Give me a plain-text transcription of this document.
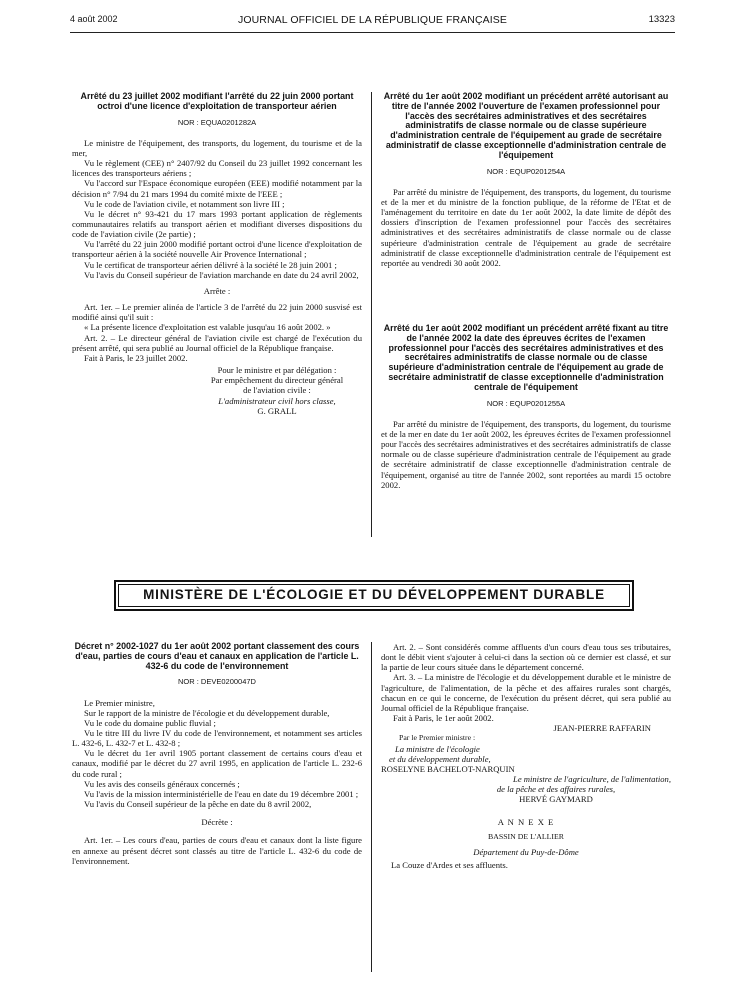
4 août 2002	JOURNAL OFFICIEL DE LA RÉPUBLIQUE FRANÇAISE	13323

Arrêté du 23 juillet 2002 modifiant l'arrêté du 22 juin 2000 portant octroi d'une licence d'exploitation de transporteur aérien

NOR : EQUA0201282A

Le ministre de l'équipement, des transports, du logement, du tourisme et de la mer,

Vu le règlement (CEE) n° 2407/92 du Conseil du 23 juillet 1992 concernant les licences des transporteurs aériens ;

Vu l'accord sur l'Espace économique européen (EEE) modifié notamment par la décision n° 7/94 du 21 mars 1994 du comité mixte de l'EEE ;

Vu le code de l'aviation civile, et notamment son livre III ;

Vu le décret n° 93-421 du 17 mars 1993 portant application de règlements communautaires relatifs au transport aérien et modifiant diverses dispositions du code de l'aviation civile (2e partie) ;

Vu l'arrêté du 22 juin 2000 modifié portant octroi d'une licence d'exploitation de transporteur aérien à la société nouvelle Air Provence International ;

Vu le certificat de transporteur aérien délivré à la société le 28 juin 2001 ;

Vu l'avis du Conseil supérieur de l'aviation marchande en date du 24 avril 2002,

Arrête :

Art. 1er. – Le premier alinéa de l'article 3 de l'arrêté du 22 juin 2000 susvisé est modifié ainsi qu'il suit :

« La présente licence d'exploitation est valable jusqu'au 16 août 2002. »

Art. 2. – Le directeur général de l'aviation civile est chargé de l'exécution du présent arrêté, qui sera publié au Journal officiel de la République française.

Fait à Paris, le 23 juillet 2002.

Pour le ministre et par délégation :

Par empêchement du directeur général

de l'aviation civile :

L'administrateur civil hors classe,

G. GRALL

Arrêté du 1er août 2002 modifiant un précédent arrêté autorisant au titre de l'année 2002 l'ouverture de l'examen professionnel pour l'accès des secrétaires administratives et des secrétaires administratifs de classe normale ou de classe supérieure d'administration centrale de l'équipement au grade de secrétaire administratif de classe exceptionnelle d'administration centrale de l'équipement

NOR : EQUP0201254A

Par arrêté du ministre de l'équipement, des transports, du logement, du tourisme et de la mer et du ministre de la fonction publique, de la réforme de l'Etat et de l'aménagement du territoire en date du 1er août 2002, la date limite de dépôt des dossiers d'inscription de l'examen professionnel pour l'accès des secrétaires administratives et des secrétaires administratifs de classe normale ou de classe supérieure d'administration centrale de l'équipement au grade de secrétaire administratif de classe exceptionnelle d'administration centrale de l'équipement est reportée au vendredi 30 août 2002.

Arrêté du 1er août 2002 modifiant un précédent arrêté fixant au titre de l'année 2002 la date des épreuves écrites de l'examen professionnel pour l'accès des secrétaires administratives et des secrétaires administratifs de classe normale ou de classe supérieure d'administration centrale de l'équipement au grade de secrétaire administratif de classe exceptionnelle d'administration centrale de l'équipement

NOR : EQUP0201255A

Par arrêté du ministre de l'équipement, des transports, du logement, du tourisme et de la mer en date du 1er août 2002, les épreuves écrites de l'examen professionnel pour l'accès des secrétaires administratives et des secrétaires administratifs de classe normale ou de classe supérieure d'administration centrale de l'équipement au grade de secrétaire administratif de classe exceptionnelle d'administration centrale de l'équipement, organisé au titre de l'année 2002, sont reportées au mardi 15 octobre 2002.

MINISTÈRE DE L'ÉCOLOGIE ET DU DÉVELOPPEMENT DURABLE

Décret n° 2002-1027 du 1er août 2002 portant classement des cours d'eau, parties de cours d'eau et canaux en application de l'article L. 432-6 du code de l'environnement

NOR : DEVE0200047D

Le Premier ministre,

Sur le rapport de la ministre de l'écologie et du développement durable,

Vu le code du domaine public fluvial ;

Vu le titre III du livre IV du code de l'environnement, et notamment ses articles L. 432-6, L. 432-7 et L. 432-8 ;

Vu le décret du 1er avril 1905 portant classement de certains cours d'eau et canaux, modifié par le décret du 27 avril 1995, en application de l'article L. 232-6 du code rural ;

Vu les avis des conseils généraux concernés ;

Vu l'avis de la mission interministérielle de l'eau en date du 19 décembre 2001 ;

Vu l'avis du Conseil supérieur de la pêche en date du 8 avril 2002,

Décrète :

Art. 1er. – Les cours d'eau, parties de cours d'eau et canaux dont la liste figure en annexe au présent décret sont classés au titre de l'article L. 432-6 du code de l'environnement.

Art. 2. – Sont considérés comme affluents d'un cours d'eau tous ses tributaires, dont le débit vient s'ajouter à celui-ci dans la section où ce dernier est classé, et sur la partie de leur cours située dans le département concerné.

Art. 3. – La ministre de l'écologie et du développement durable et le ministre de l'agriculture, de l'alimentation, de la pêche et des affaires rurales sont chargés, chacun en ce qui le concerne, de l'exécution du présent décret, qui sera publié au Journal officiel de la République française.

Fait à Paris, le 1er août 2002.

JEAN-PIERRE RAFFARIN

Par le Premier ministre :

La ministre de l'écologie

et du développement durable,

ROSELYNE BACHELOT-NARQUIN

Le ministre de l'agriculture, de l'alimentation,

de la pêche et des affaires rurales,

HERVÉ GAYMARD

A N N E X E

BASSIN DE L'ALLIER

Département du Puy-de-Dôme

La Couze d'Ardes et ses affluents.
